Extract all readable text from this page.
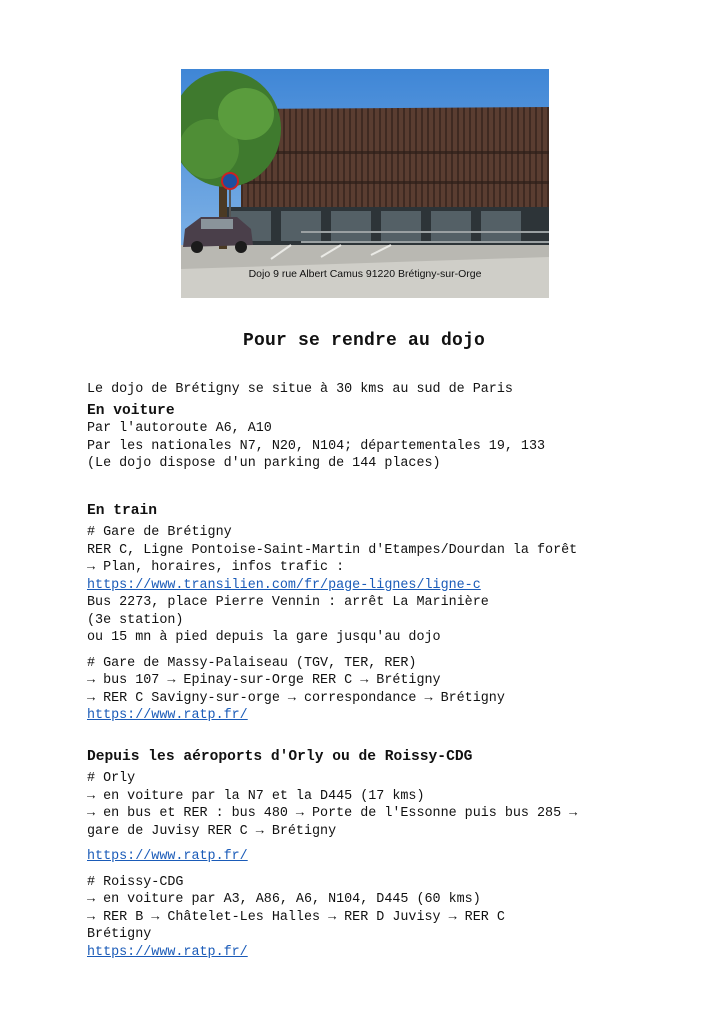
Dojo 9 rue Albert Camus 91220 Brétigny-sur-Orge
Pour se rendre au dojo

Le dojo de Brétigny se situe à 30 kms au sud de Paris

En voiture

Par l'autoroute A6, A10

Par les nationales N7, N20, N104; départementales 19, 133

(Le dojo dispose d'un parking de 144 places)

En train

# Gare de Brétigny

RER C, Ligne Pontoise-Saint-Martin d'Etampes/Dourdan la forêt

→ Plan, horaires, infos trafic :

https://www.transilien.com/fr/page-lignes/ligne-c

Bus 2273, place Pierre Vennin : arrêt La Marinière

(3e station)

ou 15 mn à pied depuis la gare jusqu'au dojo

# Gare de Massy-Palaiseau (TGV, TER, RER)

→ bus 107 → Epinay-sur-Orge RER C → Brétigny

→ RER C Savigny-sur-orge → correspondance → Brétigny

https://www.ratp.fr/

Depuis les aéroports d'Orly ou de Roissy-CDG

# Orly

→ en voiture par la N7 et la D445 (17 kms)

→ en bus et RER : bus 480 → Porte de l'Essonne puis bus 285 →

gare de Juvisy RER C → Brétigny

https://www.ratp.fr/

# Roissy-CDG

→ en voiture par A3, A86, A6, N104, D445 (60 kms)

→ RER B → Châtelet-Les Halles → RER D Juvisy → RER C

Brétigny

https://www.ratp.fr/
